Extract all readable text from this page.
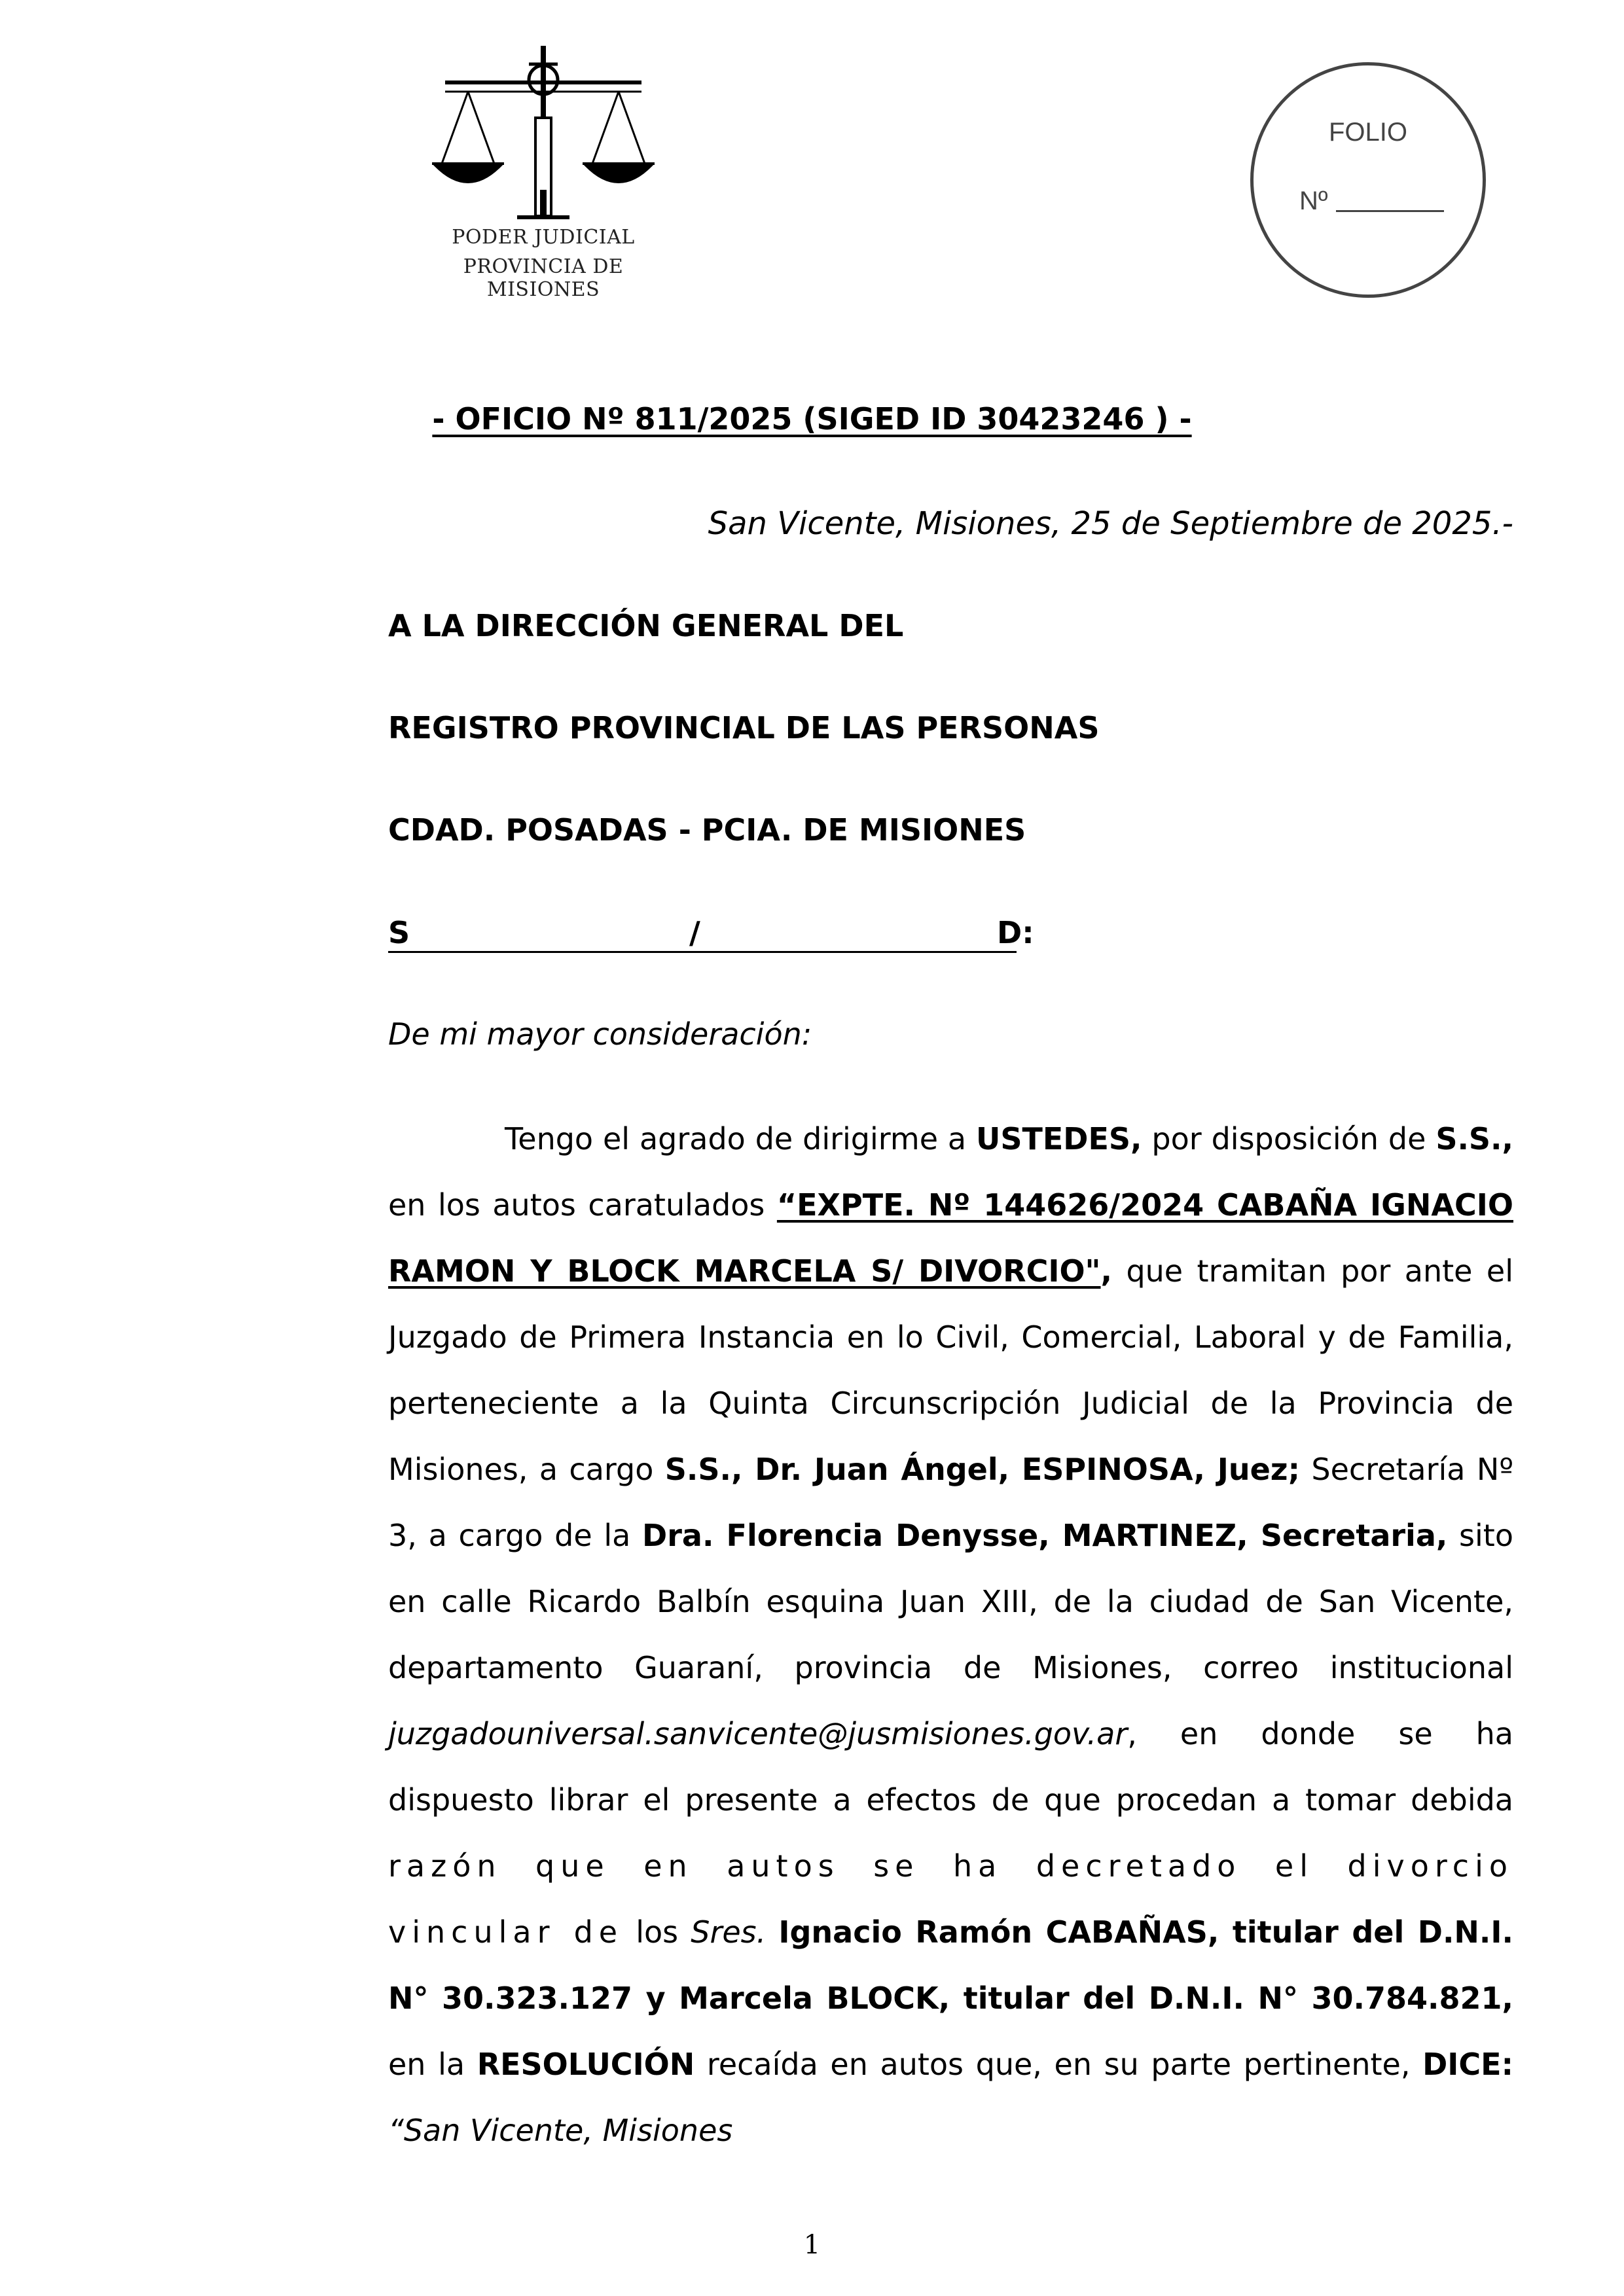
PODER JUDICIAL
PROVINCIA DE MISIONES
FOLIO
Nº
- OFICIO Nº 811/2025 (SIGED ID 30423246 ) -
San Vicente, Misiones, 25 de Septiembre de 2025.-
A LA DIRECCIÓN GENERAL DEL
REGISTRO PROVINCIAL DE LAS PERSONAS
CDAD. POSADAS - PCIA. DE MISIONES
S	/	D:
De mi mayor consideración:

Tengo el agrado de dirigirme a USTEDES, por disposición de S.S., en los autos caratulados “EXPTE. Nº 144626/2024 CABAÑA IGNACIO RAMON Y BLOCK MARCELA S/ DIVORCIO", que tramitan por ante el Juzgado de Primera Instancia en lo Civil, Comercial, Laboral y de Familia, perteneciente a la Quinta Circunscripción Judicial de la Provincia de Misiones, a cargo S.S., Dr. Juan Ángel, ESPINOSA, Juez; Secretaría Nº 3, a cargo de la Dra. Florencia Denysse, MARTINEZ, Secretaria, sito en calle Ricardo Balbín esquina Juan XIII, de la ciudad de San Vicente, departamento Guaraní, provincia de Misiones, correo institucional juzgadouniversal.sanvicente@jusmisiones.gov.ar, en donde se ha dispuesto librar el presente a efectos de que procedan a tomar debida razón que en autos se ha decretado el divorcio vincular de los Sres. Ignacio Ramón CABAÑAS, titular del D.N.I. N° 30.323.127 y Marcela BLOCK, titular del D.N.I. N° 30.784.821, en la RESOLUCIÓN recaída en autos que, en su parte pertinente, DICE: “San Vicente, Misiones

1
